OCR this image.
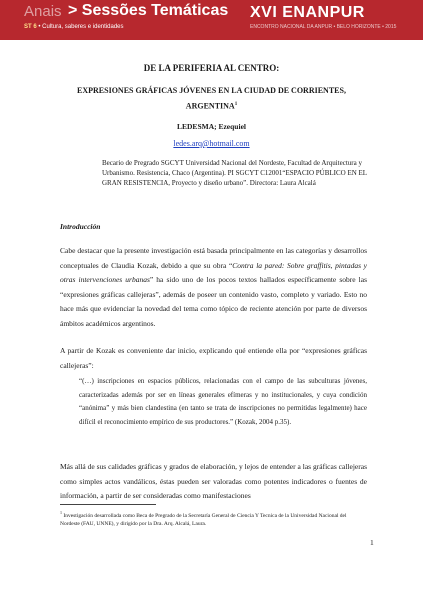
Anais > Sessões Temáticas
ST 6 • Cultura, saberes e identidades
XVI ENANPUR
ENCONTRO NACIONAL DA ANPUR • BELO HORIZONTE • 2015
DE LA PERIFERIA AL CENTRO:
EXPRESIONES GRÁFICAS JÓVENES EN LA CIUDAD DE CORRIENTES,
ARGENTINA$^1$
LEDESMA; Ezequiel
ledes.arq@hotmail.com
Becario de Pregrado SGCYT Universidad Nacional del Nordeste, Facultad de Arquitectura y Urbanismo. Resistencia, Chaco (Argentina). PI SGCYT C12001“ESPACIO PÚBLICO EN EL GRAN RESISTENCIA, Proyecto y diseño urbano”. Directora: Laura Alcalá
Introducción
Cabe destacar que la presente investigación está basada principalmente en las categorías y desarrollos conceptuales de Claudia Kozak, debido a que su obra “Contra la pared: Sobre graffitis, pintadas y otras intervenciones urbanas” ha sido uno de los pocos textos hallados específicamente sobre las “expresiones gráficas callejeras”, además de poseer un contenido vasto, completo y variado. Esto no hace más que evidenciar la novedad del tema como tópico de reciente atención por parte de diversos ámbitos académicos argentinos.
A partir de Kozak es conveniente dar inicio, explicando qué entiende ella por “expresiones gráficas callejeras”:
“(…) inscripciones en espacios públicos, relacionadas con el campo de las subculturas jóvenes, caracterizadas además por ser en líneas generales efímeras y no institucionales, y cuya condición “anónima” y más bien clandestina (en tanto se trata de inscripciones no permitidas legalmente) hace difícil el reconocimiento empírico de sus productores.” (Kozak, 2004 p.35).
Más allá de sus calidades gráficas y grados de elaboración, y lejos de entender a las gráficas callejeras como simples actos vandálicos, éstas pueden ser valoradas como potentes indicadores o fuentes de información, a partir de ser consideradas como manifestaciones
$^1$ Investigación desarrollada como Beca de Pregrado de la Secretaría General de Ciencia Y Tecnica de la Universidad Nacional del Nordeste (FAU, UNNE), y dirigido por la Dra. Arq. Alcalá, Laura.
1
